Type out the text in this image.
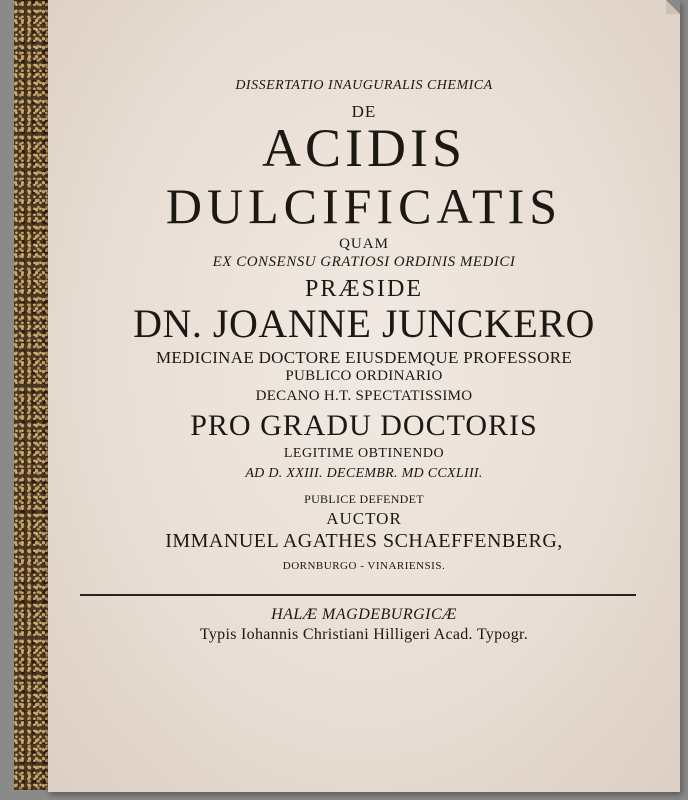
DISSERTATIO INAUGURALIS CHEMICA
DE
ACIDIS
DULCIFICATIS
QUAM
EX CONSENSU GRATIOSI ORDINIS MEDICI
PRÆSIDE
DN. JOANNE JUNCKERO
MEDICINAE DOCTORE EIUSDEMQUE PROFESSORE
PUBLICO ORDINARIO
DECANO H.T. SPECTATISSIMO
PRO GRADU DOCTORIS
LEGITIME OBTINENDO
AD D. XXIII. DECEMBR. MD CCXLIII.
PUBLICE DEFENDET
AUCTOR
IMMANUEL AGATHES SCHAEFFENBERG,
DORNBURGO - VINARIENSIS.
HALÆ MAGDEBURGICÆ
Typis Iohannis Christiani Hilligeri Acad. Typogr.
